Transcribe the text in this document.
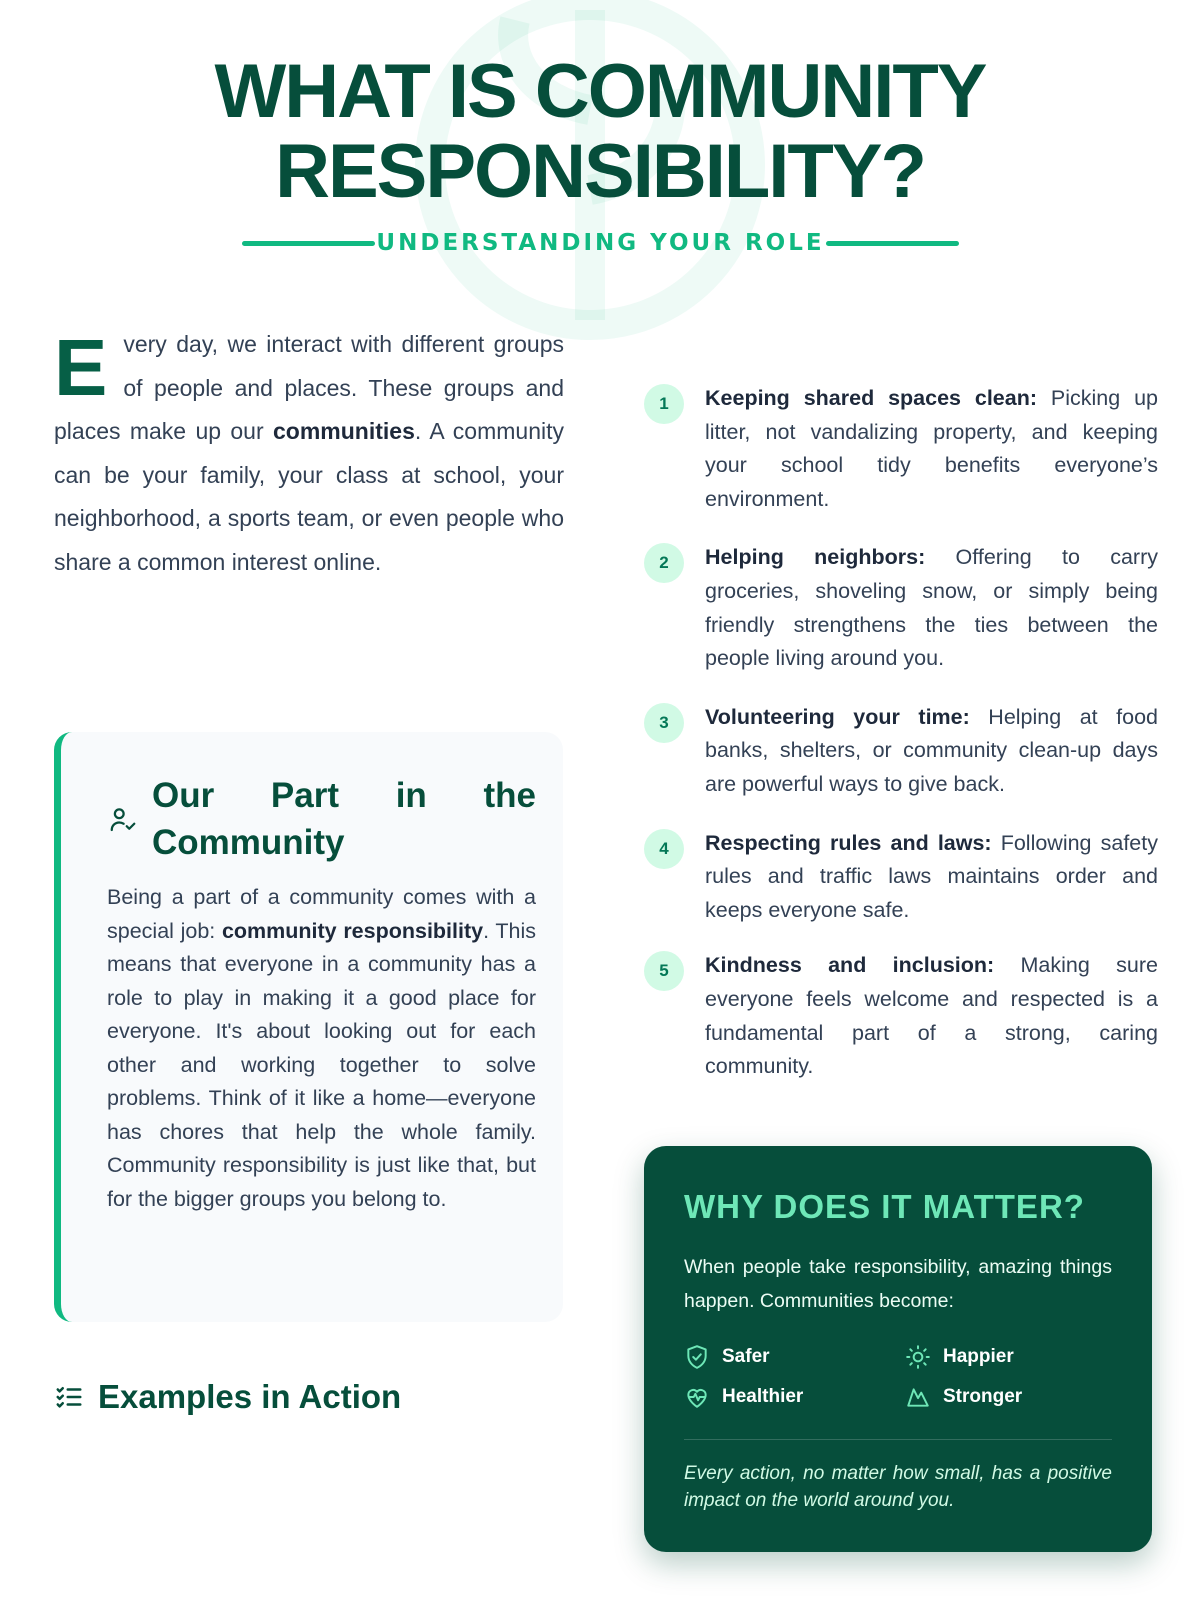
WHAT IS COMMUNITY
RESPONSIBILITY?
UNDERSTANDING YOUR ROLE

Every day, we interact with different groups of people and places. These groups and places make up our communities. A community can be your family, your class at school, your neighborhood, a sports team, or even people who share a common interest online.

Our Part in the Community

Being a part of a community comes with a special job: community responsibility. This means that everyone in a community has a role to play in making it a good place for everyone. It's about looking out for each other and working together to solve problems. Think of it like a home—everyone has chores that help the whole family. Community responsibility is just like that, but for the bigger groups you belong to.

Examples in Action
1	Keeping shared spaces clean: Picking up litter, not vandalizing property, and keeping your school tidy benefits everyone’s environment.

2	Helping neighbors: Offering to carry groceries, shoveling snow, or simply being friendly strengthens the ties between the people living around you.

3	Volunteering your time: Helping at food banks, shelters, or community clean-up days are powerful ways to give back.

4	Respecting rules and laws: Following safety rules and traffic laws maintains order and keeps everyone safe.

5	Kindness and inclusion: Making sure everyone feels welcome and respected is a fundamental part of a strong, caring community.

WHY DOES IT MATTER?

When people take responsibility, amazing things happen. Communities become:

Safer	Happier
Healthier	Stronger

Every action, no matter how small, has a positive impact on the world around you.
